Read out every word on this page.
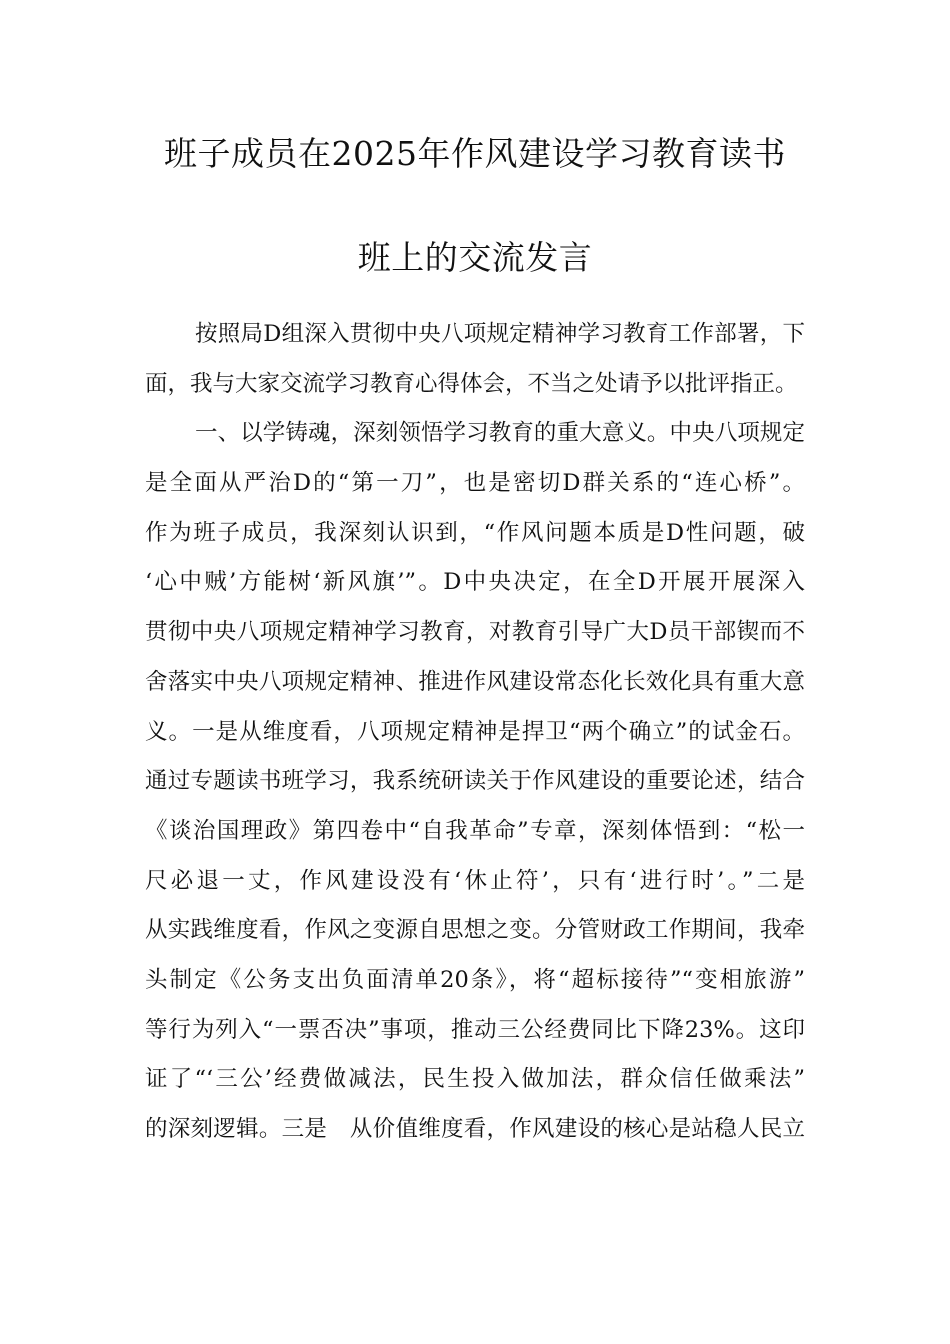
班子成员在2025年作风建设学习教育读书
班上的交流发言
按照局D组深入贯彻中央八项规定精神学习教育工作部署，下
面，我与大家交流学习教育心得体会，不当之处请予以批评指正。
一、以学铸魂，深刻领悟学习教育的重大意义。中央八项规定
是全面从严治D的“第一刀”，也是密切D群关系的“连心桥”。
作为班子成员，我深刻认识到，“作风问题本质是D性问题，破
‘心中贼’方能树‘新风旗’”。D中央决定，在全D开展开展深入
贯彻中央八项规定精神学习教育，对教育引导广大D员干部锲而不
舍落实中央八项规定精神、推进作风建设常态化长效化具有重大意
义。一是从维度看，八项规定精神是捍卫“两个确立”的试金石。
通过专题读书班学习，我系统研读关于作风建设的重要论述，结合
《谈治国理政》第四卷中“自我革命”专章，深刻体悟到：“松一
尺必退一丈，作风建设没有‘休止符’，只有‘进行时’。”二是
从实践维度看，作风之变源自思想之变。分管财政工作期间，我牵
头制定《公务支出负面清单20条》，将“超标接待”“变相旅游”
等行为列入“一票否决”事项，推动三公经费同比下降23%。这印
证了“‘三公’经费做减法，民生投入做加法，群众信任做乘法”
的深刻逻辑。三是　从价值维度看，作风建设的核心是站稳人民立
